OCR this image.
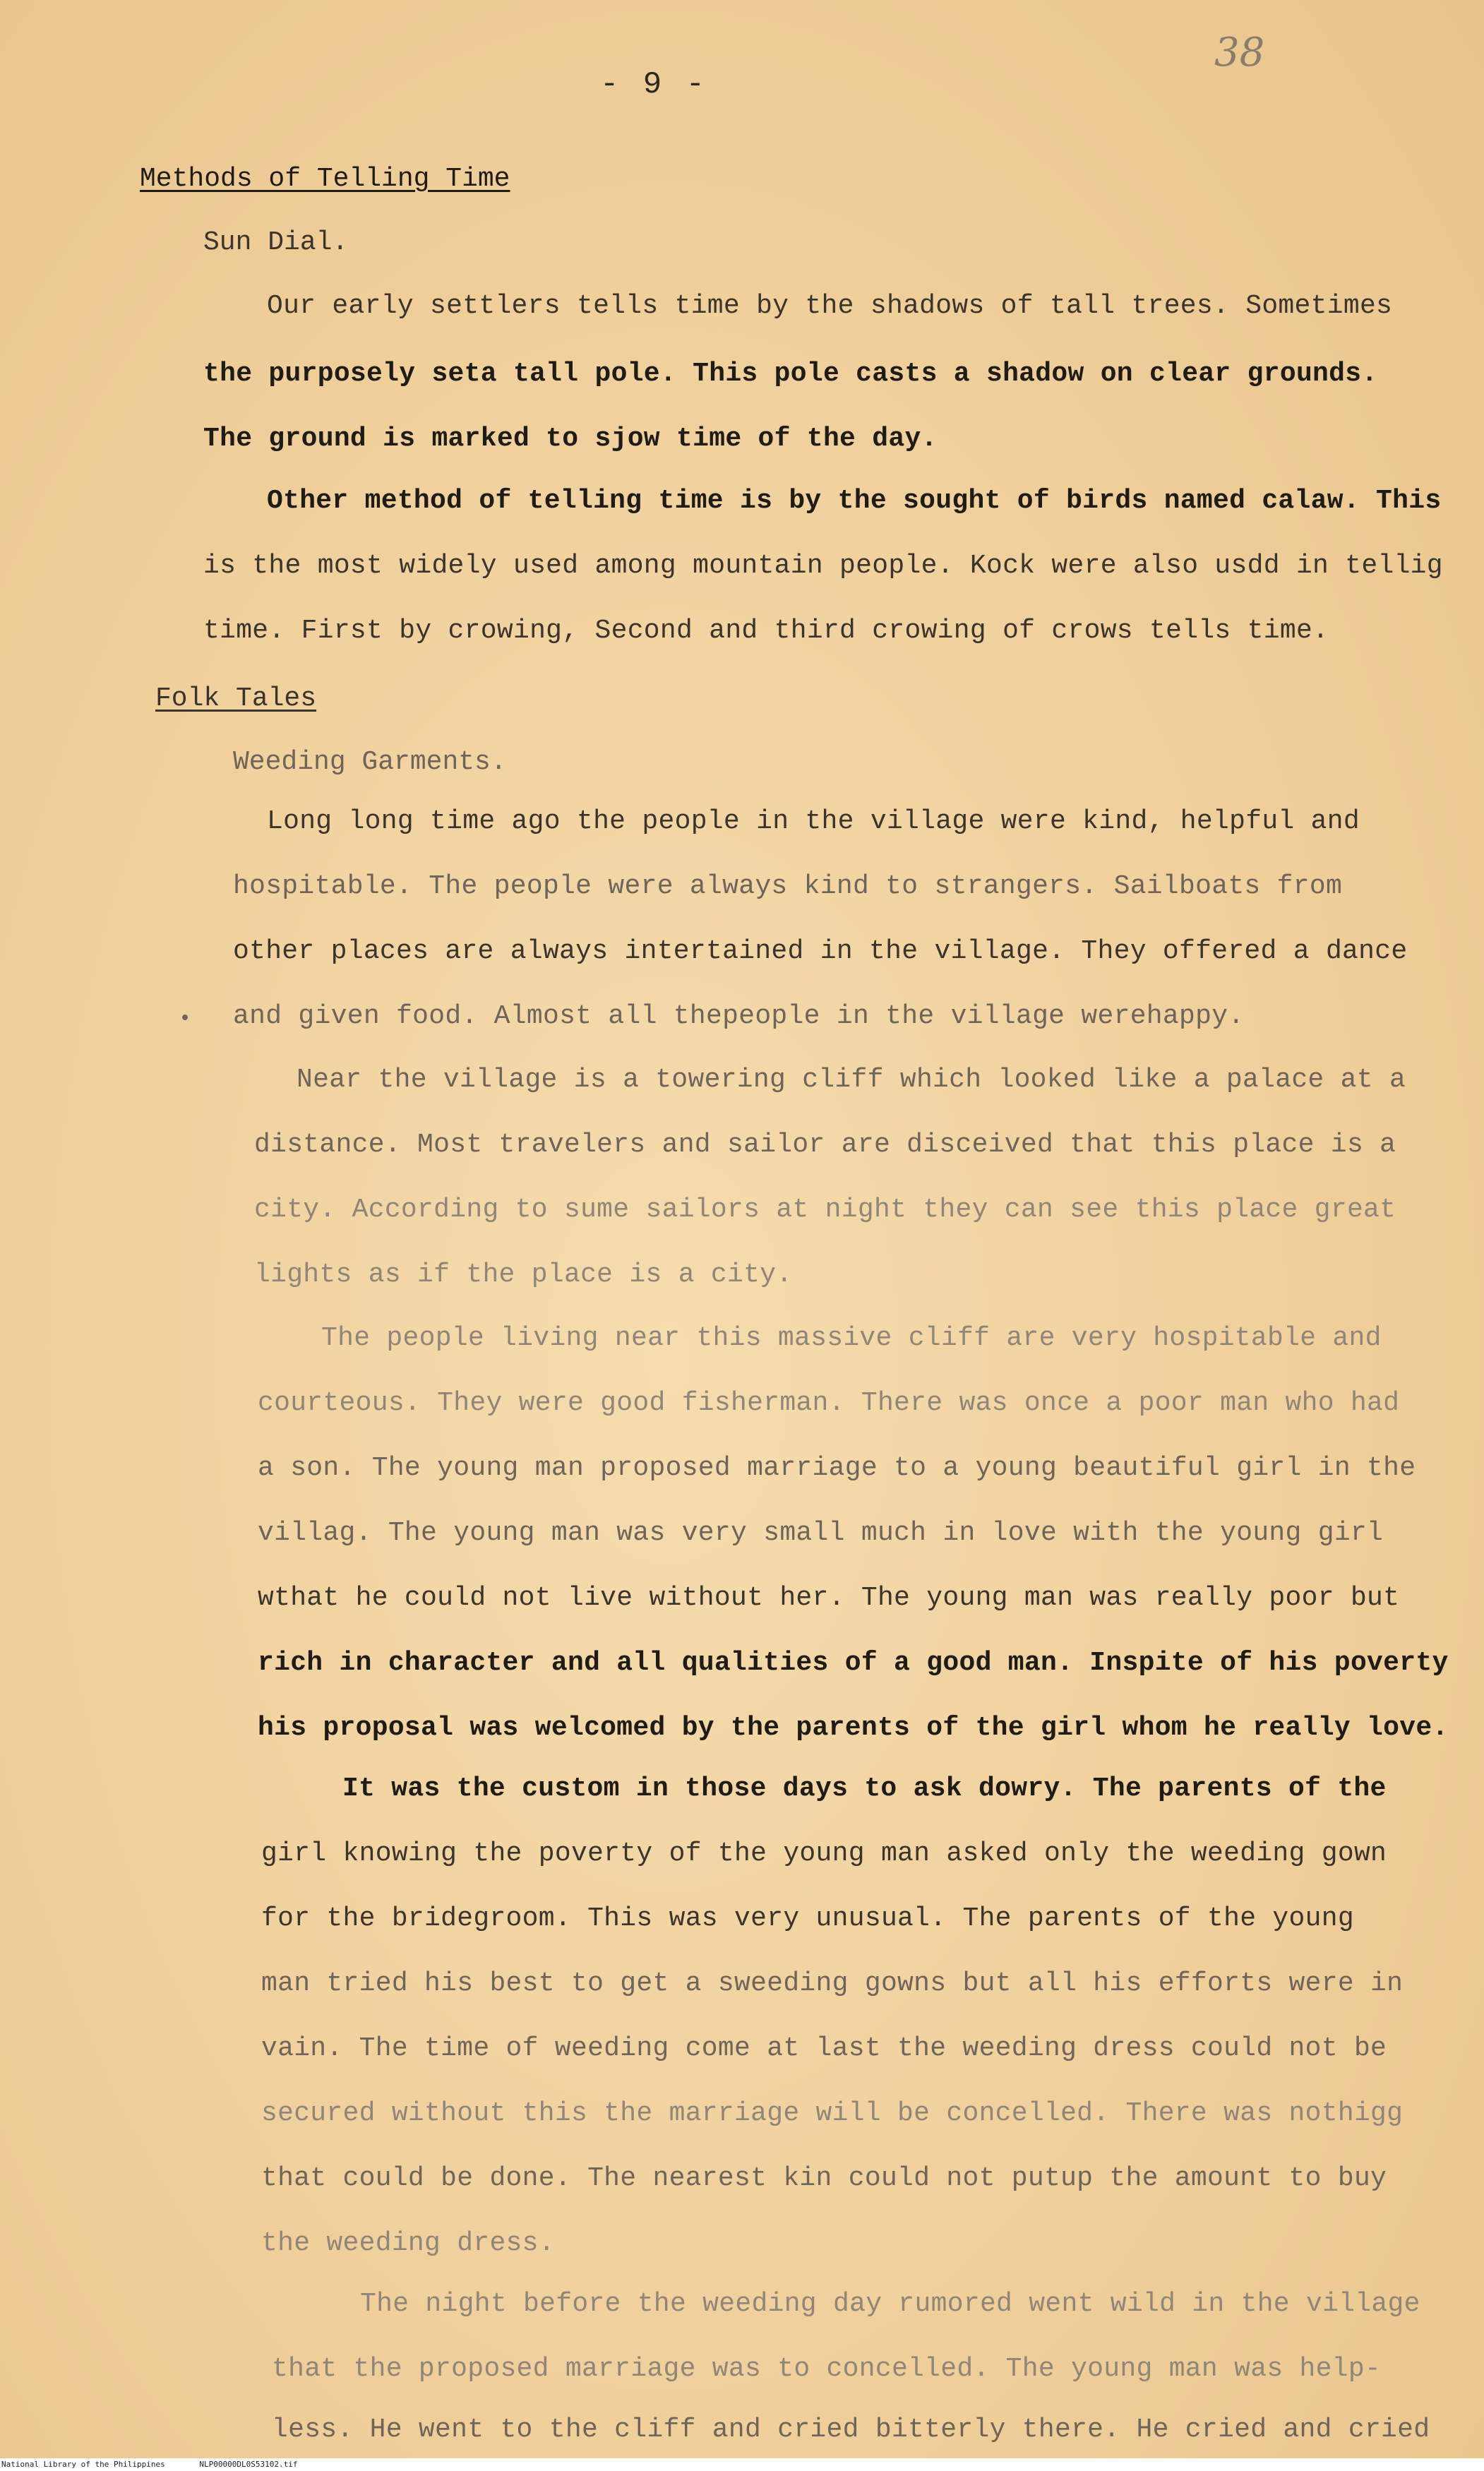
- 9 -
38
Methods of Telling Time
Sun Dial.
Our early settlers tells time by the shadows of tall trees. Sometimes
the purposely seta tall pole. This pole casts a shadow on clear grounds.
The ground is marked to sjow time of the day.
Other method of telling time is by the sought of birds named calaw. This
is the most widely used among mountain people. Kock were also usdd in tellig
time. First by crowing, Second and third crowing of crows tells time.
Folk Tales
Weeding Garments.
Long long time ago the people in the village were kind, helpful and
hospitable. The people were always kind to strangers. Sailboats from
other places are always intertained in the village. They offered a dance
and given food. Almost all thepeople in the village werehappy.
Near the village is a towering cliff which looked like a palace at a
distance. Most travelers and sailor are disceived that this place is a
city. According to sume sailors at night they can see this place great
lights as if the place is a city.
The people living near this massive cliff are very hospitable and
courteous. They were good fisherman. There was once a poor man who had
a son. The young man proposed marriage to a young beautiful girl in the
villag. The young man was very small much in love with the young girl
wthat he could not live without her. The young man was really poor but
rich in character and all qualities of a good man. Inspite of his poverty
his proposal was welcomed by the parents of the girl whom he really love.
It was the custom in those days to ask dowry. The parents of the
girl knowing the poverty of the young man asked only the weeding gown
for the bridegroom. This was very unusual. The parents of the young
man tried his best to get a sweeding gowns but all his efforts were in
vain. The time of weeding come at last the weeding dress could not be
secured without this the marriage will be concelled. There was nothigg
that could be done. The nearest kin could not putup the amount to buy
the weeding dress.
The night before the weeding day rumored went wild in the village
that the proposed marriage was to concelled. The young man was help-
less. He went to the cliff and cried bitterly there. He cried and cried
National Library of the Philippines	NLP00000DL0S53102.tif
